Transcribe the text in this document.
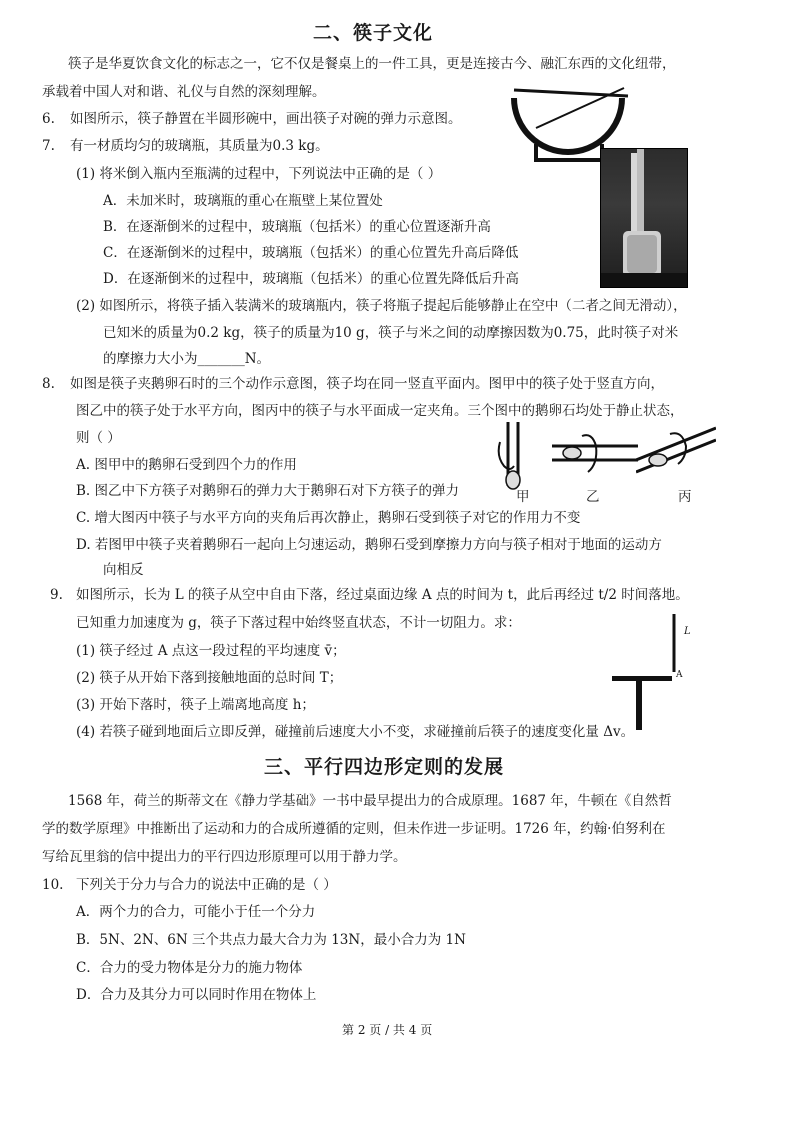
二、筷子文化
筷子是华夏饮食文化的标志之一，它不仅是餐桌上的一件工具，更是连接古今、融汇东西的文化纽带，
承载着中国人对和谐、礼仪与自然的深刻理解。
6. 如图所示，筷子静置在半圆形碗中，画出筷子对碗的弹力示意图。
7. 有一材质均匀的玻璃瓶，其质量为0.3 kg。
(1) 将米倒入瓶内至瓶满的过程中，下列说法中正确的是（ ）
A．未加米时，玻璃瓶的重心在瓶壁上某位置处
B．在逐渐倒米的过程中，玻璃瓶（包括米）的重心位置逐渐升高
C．在逐渐倒米的过程中，玻璃瓶（包括米）的重心位置先升高后降低
D．在逐渐倒米的过程中，玻璃瓶（包括米）的重心位置先降低后升高
(2) 如图所示，将筷子插入装满米的玻璃瓶内，筷子将瓶子提起后能够静止在空中（二者之间无滑动），
已知米的质量为0.2 kg，筷子的质量为10 g，筷子与米之间的动摩擦因数为0.75，此时筷子对米
的摩擦力大小为_______N。
8. 如图是筷子夹鹅卵石时的三个动作示意图，筷子均在同一竖直平面内。图甲中的筷子处于竖直方向，
图乙中的筷子处于水平方向，图丙中的筷子与水平面成一定夹角。三个图中的鹅卵石均处于静止状态，
则（ ）
A. 图甲中的鹅卵石受到四个力的作用
B. 图乙中下方筷子对鹅卵石的弹力大于鹅卵石对下方筷子的弹力
C. 增大图丙中筷子与水平方向的夹角后再次静止，鹅卵石受到筷子对它的作用力不变
D. 若图甲中筷子夹着鹅卵石一起向上匀速运动，鹅卵石受到摩擦力方向与筷子相对于地面的运动方
向相反
甲	乙	丙
9. 如图所示，长为 L 的筷子从空中自由下落，经过桌面边缘 A 点的时间为 t，此后再经过 t/2 时间落地。
已知重力加速度为 g，筷子下落过程中始终竖直状态，不计一切阻力。求：
(1) 筷子经过 A 点这一段过程的平均速度 v̄；
(2) 筷子从开始下落到接触地面的总时间 T；
(3) 开始下落时，筷子上端离地高度 h；
(4) 若筷子碰到地面后立即反弹，碰撞前后速度大小不变，求碰撞前后筷子的速度变化量 Δv。
L
A
三、平行四边形定则的发展
1568 年，荷兰的斯蒂文在《静力学基础》一书中最早提出力的合成原理。1687 年，牛顿在《自然哲
学的数学原理》中推断出了运动和力的合成所遵循的定则，但未作进一步证明。1726 年，约翰·伯努利在
写给瓦里翁的信中提出力的平行四边形原理可以用于静力学。
10. 下列关于分力与合力的说法中正确的是（ ）
A．两个力的合力，可能小于任一个分力
B．5N、2N、6N 三个共点力最大合力为 13N，最小合力为 1N
C．合力的受力物体是分力的施力物体
D．合力及其分力可以同时作用在物体上
第 2 页 / 共 4 页
